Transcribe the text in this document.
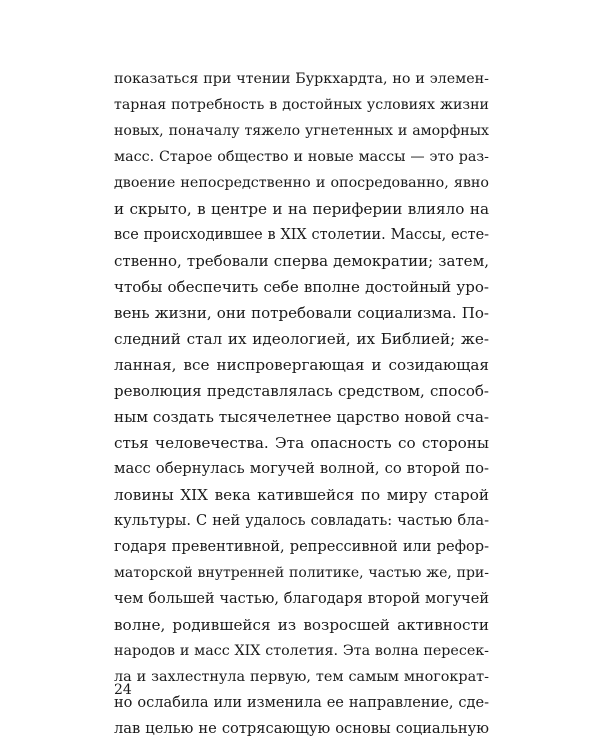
показаться при чтении Буркхардта, но и элемен-
тарная потребность в достойных условиях жизни
новых, поначалу тяжело угнетенных и аморфных
масс. Старое общество и новые массы — это раз-
двоение непосредственно и опосредованно, явно
и скрыто, в центре и на периферии влияло на
все происходившее в XIX столетии. Массы, есте-
ственно, требовали сперва демократии; затем,
чтобы обеспечить себе вполне достойный уро-
вень жизни, они потребовали социализма. По-
следний стал их идеологией, их Библией; же-
ланная, все ниспровергающая и созидающая
революция представлялась средством, способ-
ным создать тысячелетнее царство новой сча-
стья человечества. Эта опасность со стороны
масс обернулась могучей волной, со второй по-
ловины XIX века катившейся по миру старой
культуры. С ней удалось совладать: частью бла-
годаря превентивной, репрессивной или рефор-
маторской внутренней политике, частью же, при-
чем большей частью, благодаря второй могучей
волне, родившейся из возросшей активности
народов и масс XIX столетия. Эта волна пересек-
ла и захлестнула первую, тем самым многократ-
но ослабила или изменила ее направление, сде-
лав целью не сотрясающую основы социальную
24
